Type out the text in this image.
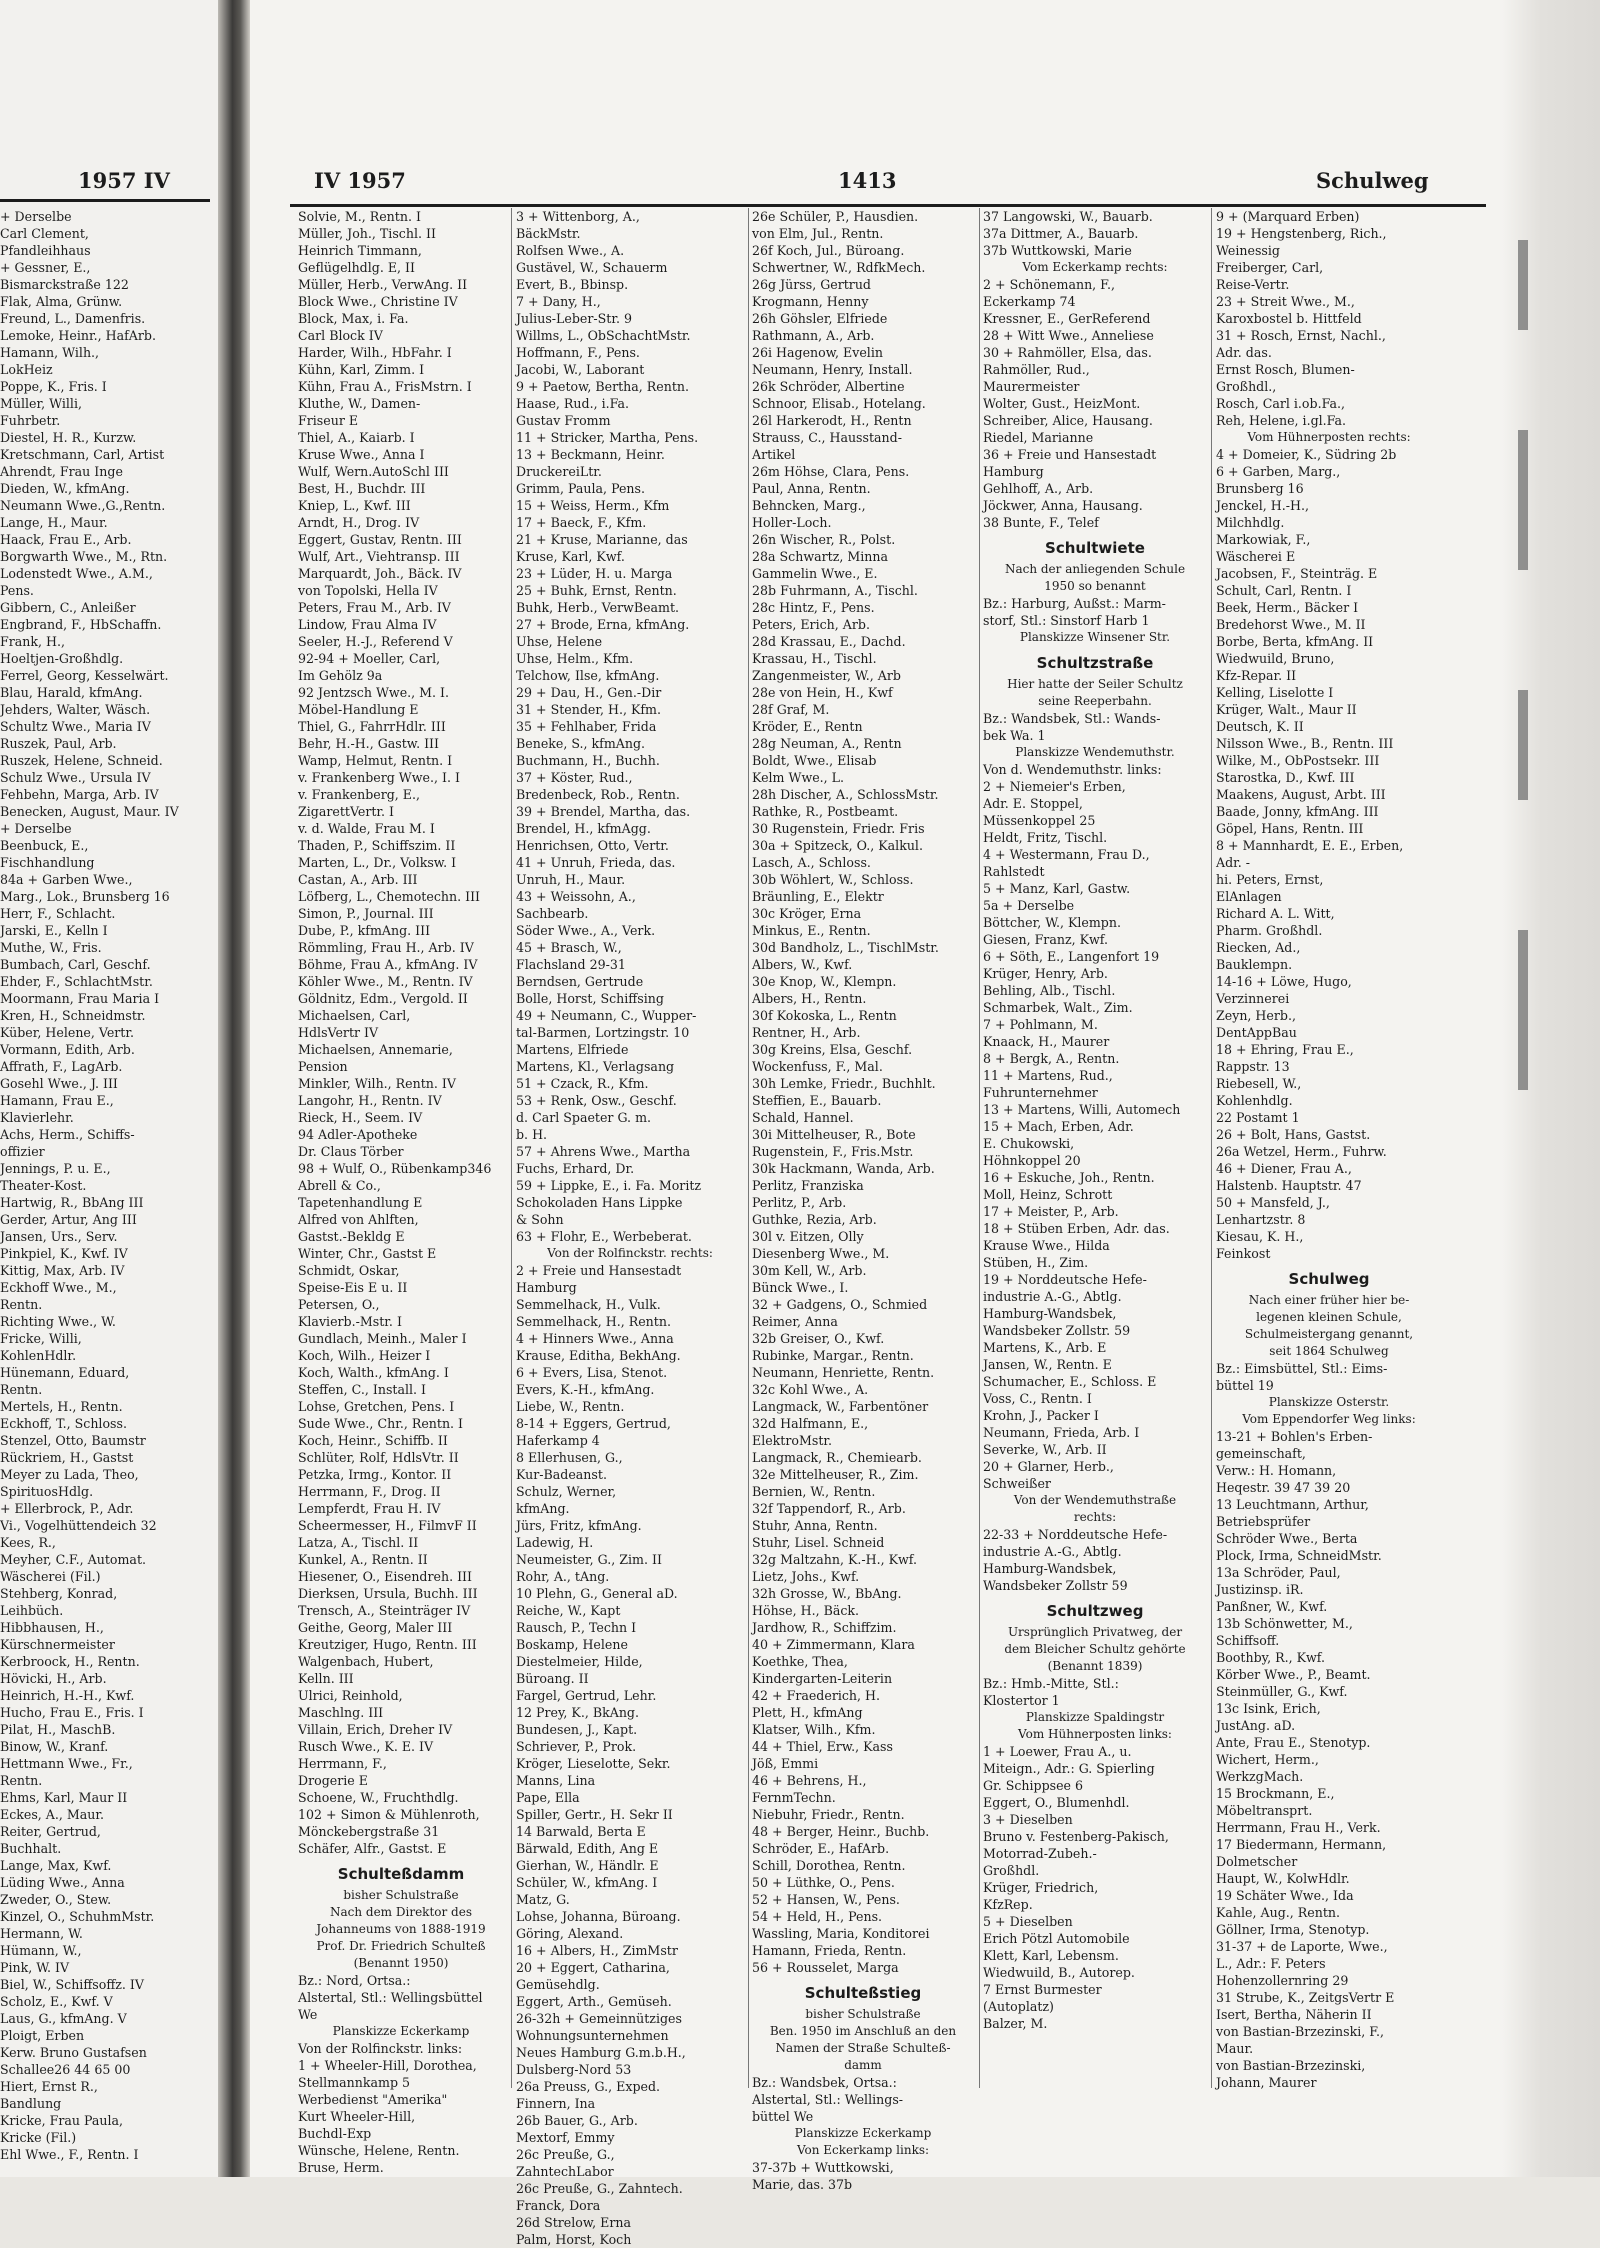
1957 IV
+ Derselbe
Carl Clement,
Pfandleihhaus
+ Gessner, E.,
Bismarckstraße 122
Flak, Alma, Grünw.
Freund, L., Damenfris.
Lemoke, Heinr., HafArb.
Hamann, Wilh.,
LokHeiz
Poppe, K., Fris. I
Müller, Willi,
Fuhrbetr.
Diestel, H. R., Kurzw.
Kretschmann, Carl, Artist
Ahrendt, Frau Inge
Dieden, W., kfmAng.
Neumann Wwe.,G.,Rentn.
Lange, H., Maur.
Haack, Frau E., Arb.
Borgwarth Wwe., M., Rtn.
Lodenstedt Wwe., A.M.,
Pens.
Gibbern, C., Anleißer
Engbrand, F., HbSchaffn.
Frank, H.,
Hoeltjen-Großhdlg.
Ferrel, Georg, Kesselwärt.
Blau, Harald, kfmAng.
Jehders, Walter, Wäsch.
Schultz Wwe., Maria IV
Ruszek, Paul, Arb.
Ruszek, Helene, Schneid.
Schulz Wwe., Ursula IV
Fehbehn, Marga, Arb. IV
Benecken, August, Maur. IV
+ Derselbe
Beenbuck, E.,
Fischhandlung
84a + Garben Wwe.,
Marg., Lok., Brunsberg 16
Herr, F., Schlacht.
Jarski, E., Kelln I
Muthe, W., Fris.
Bumbach, Carl, Geschf.
Ehder, F., SchlachtMstr.
Moormann, Frau Maria I
Kren, H., Schneidmstr.
Küber, Helene, Vertr.
Vormann, Edith, Arb.
Affrath, F., LagArb.
Gosehl Wwe., J. III
Hamann, Frau E.,
Klavierlehr.
Achs, Herm., Schiffs-
offizier
Jennings, P. u. E.,
Theater-Kost.
Hartwig, R., BbAng III
Gerder, Artur, Ang III
Jansen, Urs., Serv.
Pinkpiel, K., Kwf. IV
Kittig, Max, Arb. IV
Eckhoff Wwe., M.,
Rentn.
Richting Wwe., W.
Fricke, Willi,
KohlenHdlr.
Hünemann, Eduard,
Rentn.
Mertels, H., Rentn.
Eckhoff, T., Schloss.
Stenzel, Otto, Baumstr
Rückriem, H., Gastst
Meyer zu Lada, Theo,
SpirituosHdlg.
+ Ellerbrock, P., Adr.
Vi., Vogelhüttendeich 32
Kees, R.,
Meyher, C.F., Automat.
Wäscherei (Fil.)
Stehberg, Konrad,
Leihbüch.
Hibbhausen, H.,
Kürschnermeister
Kerbroock, H., Rentn.
Hövicki, H., Arb.
Heinrich, H.-H., Kwf.
Hucho, Frau E., Fris. I
Pilat, H., MaschB.
Binow, W., Kranf.
Hettmann Wwe., Fr.,
Rentn.
Ehms, Karl, Maur II
Eckes, A., Maur.
Reiter, Gertrud,
Buchhalt.
Lange, Max, Kwf.
Lüding Wwe., Anna
Zweder, O., Stew.
Kinzel, O., SchuhmMstr.
Hermann, W.
Hümann, W.,
Pink, W. IV
Biel, W., Schiffsoffz. IV
Scholz, E., Kwf. V
Laus, G., kfmAng. V
Ploigt, Erben
Kerw. Bruno Gustafsen
Schallee26 44 65 00
Hiert, Ernst R.,
Bandlung
Kricke, Frau Paula,
Kricke (Fil.)
Ehl Wwe., F., Rentn. I
IV 1957	1413	Schulweg
Solvie, M., Rentn. I
Müller, Joh., Tischl. II
Heinrich Timmann,
Geflügelhdlg. E, II
Müller, Herb., VerwAng. II
Block Wwe., Christine IV
Block, Max, i. Fa.
Carl Block IV
Harder, Wilh., HbFahr. I
Kühn, Karl, Zimm. I
Kühn, Frau A., FrisMstrn. I
Kluthe, W., Damen-
Friseur E
Thiel, A., Kaiarb. I
Kruse Wwe., Anna I
Wulf, Wern.AutoSchl III
Best, H., Buchdr. III
Kniep, L., Kwf. III
Arndt, H., Drog. IV
Eggert, Gustav, Rentn. III
Wulf, Art., Viehtransp. III
Marquardt, Joh., Bäck. IV
von Topolski, Hella IV
Peters, Frau M., Arb. IV
Lindow, Frau Alma IV
Seeler, H.-J., Referend V
92-94 + Moeller, Carl,
Im Gehölz 9a
92 Jentzsch Wwe., M. I.
Möbel-Handlung E
Thiel, G., FahrrHdlr. III
Behr, H.-H., Gastw. III
Wamp, Helmut, Rentn. I
v. Frankenberg Wwe., I. I
v. Frankenberg, E.,
ZigarettVertr. I
v. d. Walde, Frau M. I
Thaden, P., Schiffszim. II
Marten, L., Dr., Volksw. I
Castan, A., Arb. III
Löfberg, L., Chemotechn. III
Simon, P., Journal. III
Dube, P., kfmAng. III
Römmling, Frau H., Arb. IV
Böhme, Frau A., kfmAng. IV
Köhler Wwe., M., Rentn. IV
Göldnitz, Edm., Vergold. II
Michaelsen, Carl,
HdlsVertr IV
Michaelsen, Annemarie,
Pension
Minkler, Wilh., Rentn. IV
Langohr, H., Rentn. IV
Rieck, H., Seem. IV
94 Adler-Apotheke
Dr. Claus Törber
98 + Wulf, O., Rübenkamp346
Abrell & Co.,
Tapetenhandlung E
Alfred von Ahlften,
Gastst.-Bekldg E
Winter, Chr., Gastst E
Schmidt, Oskar,
Speise-Eis E u. II
Petersen, O.,
Klavierb.-Mstr. I
Gundlach, Meinh., Maler I
Koch, Wilh., Heizer I
Koch, Walth., kfmAng. I
Steffen, C., Install. I
Lohse, Gretchen, Pens. I
Sude Wwe., Chr., Rentn. I
Koch, Heinr., Schiffb. II
Schlüter, Rolf, HdlsVtr. II
Petzka, Irmg., Kontor. II
Herrmann, F., Drog. II
Lempferdt, Frau H. IV
Scheermesser, H., FilmvF II
Latza, A., Tischl. II
Kunkel, A., Rentn. II
Hiesener, O., Eisendreh. III
Dierksen, Ursula, Buchh. III
Trensch, A., Steinträger IV
Geithe, Georg, Maler III
Kreutziger, Hugo, Rentn. III
Walgenbach, Hubert,
Kelln. III
Ulrici, Reinhold,
Maschlng. III
Villain, Erich, Dreher IV
Rusch Wwe., K. E. IV
Herrmann, F.,
Drogerie E
Schoene, W., Fruchthdlg.
102 + Simon & Mühlenroth,
Mönckebergstraße 31
Schäfer, Alfr., Gastst. E
Schulteßdamm
bisher Schulstraße
Nach dem Direktor des
Johanneums von 1888-1919
Prof. Dr. Friedrich Schulteß
(Benannt 1950)
Bz.: Nord, Ortsa.:
Alstertal, Stl.: Wellingsbüttel
We
Planskizze Eckerkamp
Von der Rolfinckstr. links:
1 + Wheeler-Hill, Dorothea,
Stellmannkamp 5
Werbedienst "Amerika"
Kurt Wheeler-Hill,
Buchdl-Exp
Wünsche, Helene, Rentn.
Bruse, Herm.
3 + Wittenborg, A.,
BäckMstr.
Rolfsen Wwe., A.
Gustävel, W., Schauerm
Evert, B., Bbinsp.
7 + Dany, H.,
Julius-Leber-Str. 9
Willms, L., ObSchachtMstr.
Hoffmann, F., Pens.
Jacobi, W., Laborant
9 + Paetow, Bertha, Rentn.
Haase, Rud., i.Fa.
Gustav Fromm
11 + Stricker, Martha, Pens.
13 + Beckmann, Heinr.
DruckereiLtr.
Grimm, Paula, Pens.
15 + Weiss, Herm., Kfm
17 + Baeck, F., Kfm.
21 + Kruse, Marianne, das
Kruse, Karl, Kwf.
23 + Lüder, H. u. Marga
25 + Buhk, Ernst, Rentn.
Buhk, Herb., VerwBeamt.
27 + Brode, Erna, kfmAng.
Uhse, Helene
Uhse, Helm., Kfm.
Telchow, Ilse, kfmAng.
29 + Dau, H., Gen.-Dir
31 + Stender, H., Kfm.
35 + Fehlhaber, Frida
Beneke, S., kfmAng.
Buchmann, H., Buchh.
37 + Köster, Rud.,
Bredenbeck, Rob., Rentn.
39 + Brendel, Martha, das.
Brendel, H., kfmAgg.
Henrichsen, Otto, Vertr.
41 + Unruh, Frieda, das.
Unruh, H., Maur.
43 + Weissohn, A.,
Sachbearb.
Söder Wwe., A., Verk.
45 + Brasch, W.,
Flachsland 29-31
Berndsen, Gertrude
Bolle, Horst, Schiffsing
49 + Neumann, C., Wupper-
tal-Barmen, Lortzingstr. 10
Martens, Elfriede
Martens, Kl., Verlagsang
51 + Czack, R., Kfm.
53 + Renk, Osw., Geschf.
d. Carl Spaeter G. m.
b. H.
57 + Ahrens Wwe., Martha
Fuchs, Erhard, Dr.
59 + Lippke, E., i. Fa. Moritz
Schokoladen Hans Lippke
& Sohn
63 + Flohr, E., Werbeberat.
Von der Rolfinckstr. rechts:
2 + Freie und Hansestadt
Hamburg
Semmelhack, H., Vulk.
Semmelhack, H., Rentn.
4 + Hinners Wwe., Anna
Krause, Editha, BekhAng.
6 + Evers, Lisa, Stenot.
Evers, K.-H., kfmAng.
Liebe, W., Rentn.
8-14 + Eggers, Gertrud,
Haferkamp 4
8 Ellerhusen, G.,
Kur-Badeanst.
Schulz, Werner,
kfmAng.
Jürs, Fritz, kfmAng.
Ladewig, H.
Neumeister, G., Zim. II
Rohr, A., tAng.
10 Plehn, G., General aD.
Reiche, W., Kapt
Rausch, P., Techn I
Boskamp, Helene
Diestelmeier, Hilde,
Büroang. II
Fargel, Gertrud, Lehr.
12 Prey, K., BkAng.
Bundesen, J., Kapt.
Schriever, P., Prok.
Kröger, Lieselotte, Sekr.
Manns, Lina
Pape, Ella
Spiller, Gertr., H. Sekr II
14 Barwald, Berta E
Bärwald, Edith, Ang E
Gierhan, W., Händlr. E
Schüler, W., kfmAng. I
Matz, G.
Lohse, Johanna, Büroang.
Göring, Alexand.
16 + Albers, H., ZimMstr
20 + Eggert, Catharina,
Gemüsehdlg.
Eggert, Arth., Gemüseh.
26-32h + Gemeinnütziges
Wohnungsunternehmen
Neues Hamburg G.m.b.H.,
Dulsberg-Nord 53
26a Preuss, G., Exped.
Finnern, Ina
26b Bauer, G., Arb.
Mextorf, Emmy
26c Preuße, G.,
ZahntechLabor
26c Preuße, G., Zahntech.
Franck, Dora
26d Strelow, Erna
Palm, Horst, Koch
26e Schüler, P., Hausdien.
von Elm, Jul., Rentn.
26f Koch, Jul., Büroang.
Schwertner, W., RdfkMech.
26g Jürss, Gertrud
Krogmann, Henny
26h Göhsler, Elfriede
Rathmann, A., Arb.
26i Hagenow, Evelin
Neumann, Henry, Install.
26k Schröder, Albertine
Schnoor, Elisab., Hotelang.
26l Harkerodt, H., Rentn
Strauss, C., Hausstand-
Artikel
26m Höhse, Clara, Pens.
Paul, Anna, Rentn.
Behncken, Marg.,
Holler-Loch.
26n Wischer, R., Polst.
28a Schwartz, Minna
Gammelin Wwe., E.
28b Fuhrmann, A., Tischl.
28c Hintz, F., Pens.
Peters, Erich, Arb.
28d Krassau, E., Dachd.
Krassau, H., Tischl.
Zangenmeister, W., Arb
28e von Hein, H., Kwf
28f Graf, M.
Kröder, E., Rentn
28g Neuman, A., Rentn
Boldt, Wwe., Elisab
Kelm Wwe., L.
28h Discher, A., SchlossMstr.
Rathke, R., Postbeamt.
30 Rugenstein, Friedr. Fris
30a + Spitzeck, O., Kalkul.
Lasch, A., Schloss.
30b Wöhlert, W., Schloss.
Bräunling, E., Elektr
30c Kröger, Erna
Minkus, E., Rentn.
30d Bandholz, L., TischlMstr.
Albers, W., Kwf.
30e Knop, W., Klempn.
Albers, H., Rentn.
30f Kokoska, L., Rentn
Rentner, H., Arb.
30g Kreins, Elsa, Geschf.
Wockenfuss, F., Mal.
30h Lemke, Friedr., Buchhlt.
Steffien, E., Bauarb.
Schald, Hannel.
30i Mittelheuser, R., Bote
Rugenstein, F., Fris.Mstr.
30k Hackmann, Wanda, Arb.
Perlitz, Franziska
Perlitz, P., Arb.
Guthke, Rezia, Arb.
30l v. Eitzen, Olly
Diesenberg Wwe., M.
30m Kell, W., Arb.
Bünck Wwe., I.
32 + Gadgens, O., Schmied
Reimer, Anna
32b Greiser, O., Kwf.
Rubinke, Margar., Rentn.
Neumann, Henriette, Rentn.
32c Kohl Wwe., A.
Langmack, W., Farbentöner
32d Halfmann, E.,
ElektroMstr.
Langmack, R., Chemiearb.
32e Mittelheuser, R., Zim.
Bernien, W., Rentn.
32f Tappendorf, R., Arb.
Stuhr, Anna, Rentn.
Stuhr, Lisel. Schneid
32g Maltzahn, K.-H., Kwf.
Lietz, Johs., Kwf.
32h Grosse, W., BbAng.
Höhse, H., Bäck.
Jardhow, R., Schiffzim.
40 + Zimmermann, Klara
Koethke, Thea,
Kindergarten-Leiterin
42 + Fraederich, H.
Plett, H., kfmAng
Klatser, Wilh., Kfm.
44 + Thiel, Erw., Kass
Jöß, Emmi
46 + Behrens, H.,
FernmTechn.
Niebuhr, Friedr., Rentn.
48 + Berger, Heinr., Buchb.
Schröder, E., HafArb.
Schill, Dorothea, Rentn.
50 + Lüthke, O., Pens.
52 + Hansen, W., Pens.
54 + Held, H., Pens.
Wassling, Maria, Konditorei
Hamann, Frieda, Rentn.
56 + Rousselet, Marga
Schulteßstieg
bisher Schulstraße
Ben. 1950 im Anschluß an den
Namen der Straße Schulteß-
damm
Bz.: Wandsbek, Ortsa.:
Alstertal, Stl.: Wellings-
büttel We
Planskizze Eckerkamp
Von Eckerkamp links:
37-37b + Wuttkowski,
Marie, das. 37b
37 Langowski, W., Bauarb.
37a Dittmer, A., Bauarb.
37b Wuttkowski, Marie
Vom Eckerkamp rechts:
2 + Schönemann, F.,
Eckerkamp 74
Kressner, E., GerReferend
28 + Witt Wwe., Anneliese
30 + Rahmöller, Elsa, das.
Rahmöller, Rud.,
Maurermeister
Wolter, Gust., HeizMont.
Schreiber, Alice, Hausang.
Riedel, Marianne
36 + Freie und Hansestadt
Hamburg
Gehlhoff, A., Arb.
Jöckwer, Anna, Hausang.
38 Bunte, F., Telef
Schultwiete
Nach der anliegenden Schule
1950 so benannt
Bz.: Harburg, Außst.: Marm-
storf, Stl.: Sinstorf Harb 1
Planskizze Winsener Str.
Schultzstraße
Hier hatte der Seiler Schultz
seine Reeperbahn.
Bz.: Wandsbek, Stl.: Wands-
bek Wa. 1
Planskizze Wendemuthstr.
Von d. Wendemuthstr. links:
2 + Niemeier's Erben,
Adr. E. Stoppel,
Müssenkoppel 25
Heldt, Fritz, Tischl.
4 + Westermann, Frau D.,
Rahlstedt
5 + Manz, Karl, Gastw.
5a + Derselbe
Böttcher, W., Klempn.
Giesen, Franz, Kwf.
6 + Söth, E., Langenfort 19
Krüger, Henry, Arb.
Behling, Alb., Tischl.
Schmarbek, Walt., Zim.
7 + Pohlmann, M.
Knaack, H., Maurer
8 + Bergk, A., Rentn.
11 + Martens, Rud.,
Fuhrunternehmer
13 + Martens, Willi, Automech
15 + Mach, Erben, Adr.
E. Chukowski,
Höhnkoppel 20
16 + Eskuche, Joh., Rentn.
Moll, Heinz, Schrott
17 + Meister, P., Arb.
18 + Stüben Erben, Adr. das.
Krause Wwe., Hilda
Stüben, H., Zim.
19 + Norddeutsche Hefe-
industrie A.-G., Abtlg.
Hamburg-Wandsbek,
Wandsbeker Zollstr. 59
Martens, K., Arb. E
Jansen, W., Rentn. E
Schumacher, E., Schloss. E
Voss, C., Rentn. I
Krohn, J., Packer I
Neumann, Frieda, Arb. I
Severke, W., Arb. II
20 + Glarner, Herb.,
Schweißer
Von der Wendemuthstraße
rechts:
22-33 + Norddeutsche Hefe-
industrie A.-G., Abtlg.
Hamburg-Wandsbek,
Wandsbeker Zollstr 59
Schultzweg
Ursprünglich Privatweg, der
dem Bleicher Schultz gehörte
(Benannt 1839)
Bz.: Hmb.-Mitte, Stl.:
Klostertor 1
Planskizze Spaldingstr
Vom Hühnerposten links:
1 + Loewer, Frau A., u.
Miteign., Adr.: G. Spierling
Gr. Schippsee 6
Eggert, O., Blumenhdl.
3 + Dieselben
Bruno v. Festenberg-Pakisch,
Motorrad-Zubeh.-
Großhdl.
Krüger, Friedrich,
KfzRep.
5 + Dieselben
Erich Pötzl Automobile
Klett, Karl, Lebensm.
Wiedwuild, B., Autorep.
7 Ernst Burmester
(Autoplatz)
Balzer, M.
9 + (Marquard Erben)
19 + Hengstenberg, Rich.,
Weinessig
Freiberger, Carl,
Reise-Vertr.
23 + Streit Wwe., M.,
Karoxbostel b. Hittfeld
31 + Rosch, Ernst, Nachl.,
Adr. das.
Ernst Rosch, Blumen-
Großhdl.,
Rosch, Carl i.ob.Fa.,
Reh, Helene, i.gl.Fa.
Vom Hühnerposten rechts:
4 + Domeier, K., Südring 2b
6 + Garben, Marg.,
Brunsberg 16
Jenckel, H.-H.,
Milchhdlg.
Markowiak, F.,
Wäscherei E
Jacobsen, F., Steinträg. E
Schult, Carl, Rentn. I
Beek, Herm., Bäcker I
Bredehorst Wwe., M. II
Borbe, Berta, kfmAng. II
Wiedwuild, Bruno,
Kfz-Repar. II
Kelling, Liselotte I
Krüger, Walt., Maur II
Deutsch, K. II
Nilsson Wwe., B., Rentn. III
Wilke, M., ObPostsekr. III
Starostka, D., Kwf. III
Maakens, August, Arbt. III
Baade, Jonny, kfmAng. III
Göpel, Hans, Rentn. III
8 + Mannhardt, E. E., Erben,
Adr. -
hi. Peters, Ernst,
ElAnlagen
Richard A. L. Witt,
Pharm. Großhdl.
Riecken, Ad.,
Bauklempn.
14-16 + Löwe, Hugo,
Verzinnerei
Zeyn, Herb.,
DentAppBau
18 + Ehring, Frau E.,
Rappstr. 13
Riebesell, W.,
Kohlenhdlg.
22 Postamt 1
26 + Bolt, Hans, Gastst.
26a Wetzel, Herm., Fuhrw.
46 + Diener, Frau A.,
Halstenb. Hauptstr. 47
50 + Mansfeld, J.,
Lenhartzstr. 8
Kiesau, K. H.,
Feinkost
Schulweg
Nach einer früher hier be-
legenen kleinen Schule,
Schulmeistergang genannt,
seit 1864 Schulweg
Bz.: Eimsbüttel, Stl.: Eims-
büttel 19
Planskizze Osterstr.
Vom Eppendorfer Weg links:
13-21 + Bohlen's Erben-
gemeinschaft,
Verw.: H. Homann,
Heqestr. 39 47 39 20
13 Leuchtmann, Arthur,
Betriebsprüfer
Schröder Wwe., Berta
Plock, Irma, SchneidMstr.
13a Schröder, Paul,
Justizinsp. iR.
Panßner, W., Kwf.
13b Schönwetter, M.,
Schiffsoff.
Boothby, R., Kwf.
Körber Wwe., P., Beamt.
Steinmüller, G., Kwf.
13c Isink, Erich,
JustAng. aD.
Ante, Frau E., Stenotyp.
Wichert, Herm.,
WerkzgMach.
15 Brockmann, E.,
Möbeltransprt.
Herrmann, Frau H., Verk.
17 Biedermann, Hermann,
Dolmetscher
Haupt, W., KolwHdlr.
19 Schäter Wwe., Ida
Kahle, Aug., Rentn.
Göllner, Irma, Stenotyp.
31-37 + de Laporte, Wwe.,
L., Adr.: F. Peters
Hohenzollernring 29
31 Strube, K., ZeitgsVertr E
Isert, Bertha, Näherin II
von Bastian-Brzezinski, F.,
Maur.
von Bastian-Brzezinski,
Johann, Maurer
